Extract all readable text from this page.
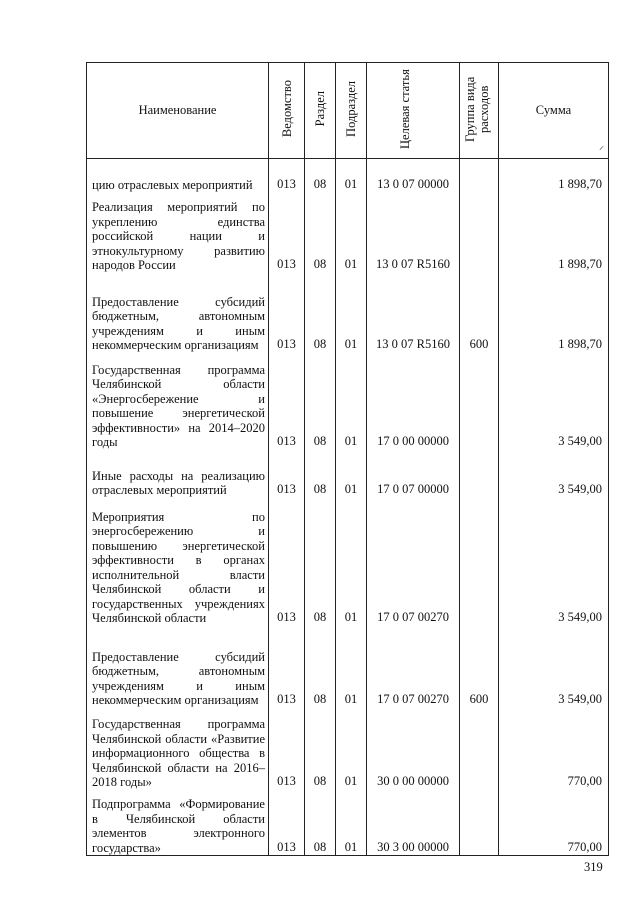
Наименование	Ведомство	Раздел	Подраздел	Целевая статья	Группа вида расходов	Сумма
⸝

цию отраслевых мероприятий	013	08	01	13 0 07 00000		1 898,70

Реализация мероприятий по укреплению единства российской нации и этнокультурному развитию народов России	013	08	01	13 0 07 R5160		1 898,70

Предоставление субсидий бюджетным, автономным учреждениям и иным некоммерческим организациям	013	08	01	13 0 07 R5160	600	1 898,70

Государственная программа Челябинской области «Энергосбережение и повышение энергетической эффективности» на 2014–2020 годы	013	08	01	17 0 00 00000		3 549,00

Иные расходы на реализацию отраслевых мероприятий	013	08	01	17 0 07 00000		3 549,00

Мероприятия по энергосбережению и повышению энергетической эффективности в органах исполнительной власти Челябинской области и государственных учреждениях Челябинской области	013	08	01	17 0 07 00270		3 549,00

Предоставление субсидий бюджетным, автономным учреждениям и иным некоммерческим организациям	013	08	01	17 0 07 00270	600	3 549,00

Государственная программа Челябинской области «Развитие информационного общества в Челябинской области на 2016–2018 годы»	013	08	01	30 0 00 00000		770,00

Подпрограмма «Формирование в Челябинской области элементов электронного государства»	013	08	01	30 3 00 00000		770,00
319
